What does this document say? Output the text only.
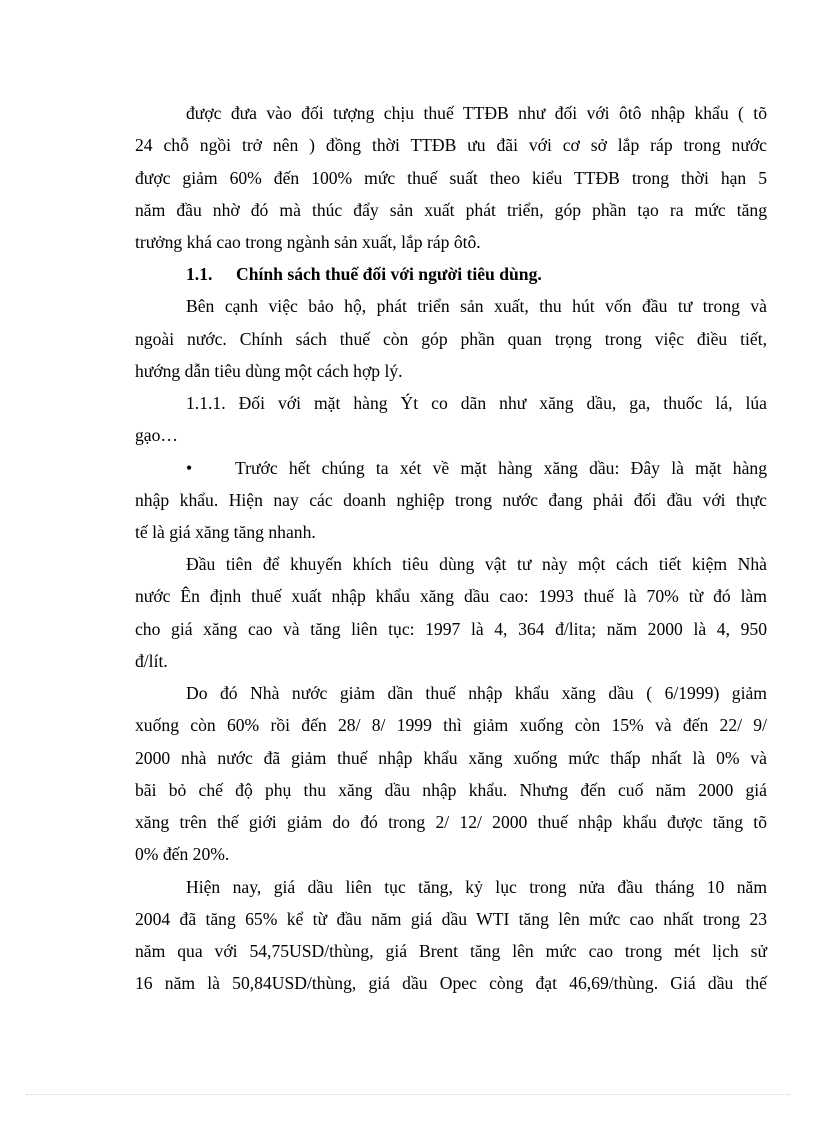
được đưa vào đối tượng chịu thuế TTĐB như đối với ôtô nhập khẩu ( tõ
24 chỗ ngồi trở nên ) đồng thời TTĐB ưu đãi với cơ sở lắp ráp trong nước
được giảm 60% đến 100% mức thuế suất theo kiểu TTĐB trong thời hạn 5
năm đầu nhờ đó mà thúc đẩy sản xuất phát triển, góp phần tạo ra mức tăng
trưởng khá cao trong ngành sản xuất, lắp ráp ôtô.
1.1. Chính sách thuế đối với người tiêu dùng.
Bên cạnh việc bảo hộ, phát triển sản xuất, thu hút vốn đầu tư trong và
ngoài nước. Chính sách thuế còn góp phần quan trọng trong việc điều tiết,
hướng dẫn tiêu dùng một cách hợp lý.
1.1.1. Đối với mặt hàng Ýt co dãn như xăng dầu, ga, thuốc lá, lúa
gạo…
• Trước hết chúng ta xét về mặt hàng xăng dầu: Đây là mặt hàng
nhập khẩu. Hiện nay các doanh nghiệp trong nước đang phải đối đầu với thực
tế là giá xăng tăng nhanh.
Đầu tiên để khuyến khích tiêu dùng vật tư này một cách tiết kiệm Nhà
nước Ên định thuế xuất nhập khẩu xăng dầu cao: 1993 thuế là 70% từ đó làm
cho giá xăng cao và tăng liên tục: 1997 là 4, 364 đ/lita; năm 2000 là 4, 950
đ/lít.
Do đó Nhà nước giảm dần thuế nhập khẩu xăng dầu ( 6/1999) giảm
xuống còn 60% rồi đến 28/ 8/ 1999 thì giảm xuống còn 15% và đến 22/ 9/
2000 nhà nước đã giảm thuế nhập khẩu xăng xuống mức thấp nhất là 0% và
bãi bỏ chế độ phụ thu xăng dầu nhập khẩu. Nhưng đến cuố năm 2000 giá
xăng trên thế giới giảm do đó trong 2/ 12/ 2000 thuế nhập khẩu được tăng tõ
0% đến 20%.
Hiện nay, giá dầu liên tục tăng, kỷ lục trong nửa đầu tháng 10 năm
2004 đã tăng 65% kể từ đầu năm giá dầu WTI tăng lên mức cao nhất trong 23
năm qua với 54,75USD/thùng, giá Brent tăng lên mức cao trong mét lịch sử
16 năm là 50,84USD/thùng, giá dầu Opec còng đạt 46,69/thùng. Giá dầu thế
